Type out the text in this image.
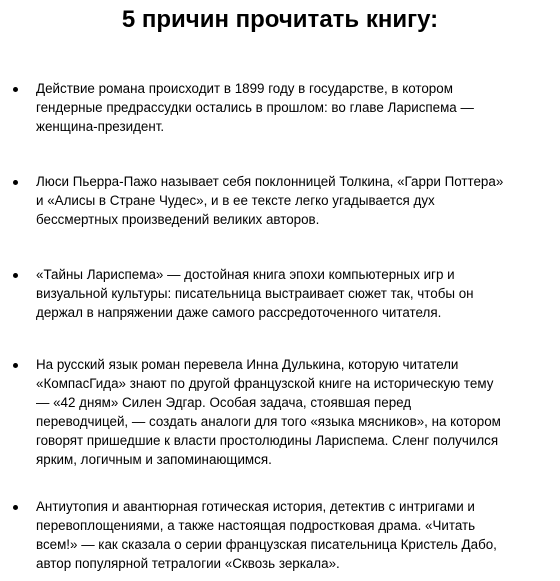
5 причин прочитать книгу:

Действие романа происходит в 1899 году в государстве, в котором
гендерные предрассудки остались в прошлом: во главе Лариспема —
женщина-президент.

Люси Пьерра-Пажо называет себя поклонницей Толкина, «Гарри Поттера»
и «Алисы в Стране Чудес», и в ее тексте легко угадывается дух
бессмертных произведений великих авторов.

«Тайны Лариспема» — достойная книга эпохи компьютерных игр и
визуальной культуры: писательница выстраивает сюжет так, чтобы он
держал в напряжении даже самого рассредоточенного читателя.

На русский язык роман перевела Инна Дулькина, которую читатели
«КомпасГида» знают по другой французской книге на историческую тему
— «42 дням» Силен Эдгар. Особая задача, стоявшая перед
переводчицей, — создать аналоги для того «языка мясников», на котором
говорят пришедшие к власти простолюдины Лариспема. Сленг получился
ярким, логичным и запоминающимся.

Антиутопия и авантюрная готическая история, детектив с интригами и
перевоплощениями, а также настоящая подростковая драма. «Читать
всем!» — как сказала о серии французская писательница Кристель Дабо,
автор популярной тетралогии «Сквозь зеркала».
